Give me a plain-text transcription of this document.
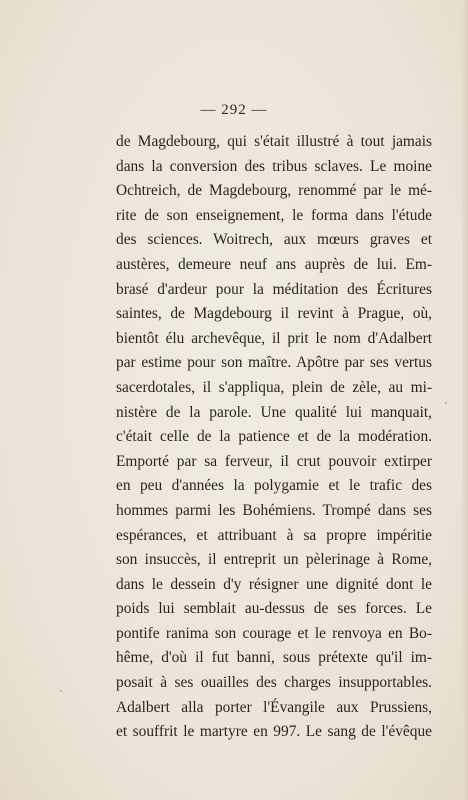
— 292 —
de Magdebourg, qui s'était illustré à tout jamais
dans la conversion des tribus sclaves. Le moine
Ochtreich, de Magdebourg, renommé par le mé-
rite de son enseignement, le forma dans l'étude
des sciences. Woitrech, aux mœurs graves et
austères, demeure neuf ans auprès de lui. Em-
brasé d'ardeur pour la méditation des Écritures
saintes, de Magdebourg il revint à Prague, où,
bientôt élu archevêque, il prit le nom d'Adalbert
par estime pour son maître. Apôtre par ses vertus
sacerdotales, il s'appliqua, plein de zèle, au mi-
nistère de la parole. Une qualité lui manquait,
c'était celle de la patience et de la modération.
Emporté par sa ferveur, il crut pouvoir extirper
en peu d'années la polygamie et le trafic des
hommes parmi les Bohémiens. Trompé dans ses
espérances, et attribuant à sa propre impéritie
son insuccès, il entreprit un pèlerinage à Rome,
dans le dessein d'y résigner une dignité dont le
poids lui semblait au-dessus de ses forces. Le
pontife ranima son courage et le renvoya en Bo-
hême, d'où il fut banni, sous prétexte qu'il im-
posait à ses ouailles des charges insupportables.
Adalbert alla porter l'Évangile aux Prussiens,
et souffrit le martyre en 997. Le sang de l'évêque
